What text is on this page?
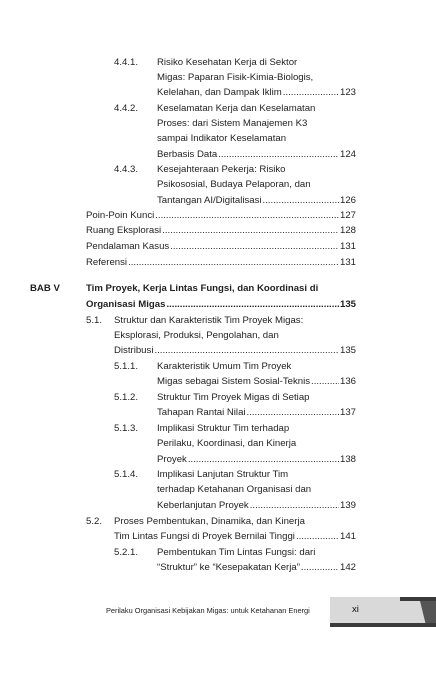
4.4.1. Risiko Kesehatan Kerja di Sektor
Migas: Paparan Fisik-Kimia-Biologis,
Kelelahan, dan Dampak Iklim .....	123
4.4.2. Keselamatan Kerja dan Keselamatan
Proses: dari Sistem Manajemen K3
sampai Indikator Keselamatan
Berbasis Data .....	124
4.4.3. Kesejahteraan Pekerja: Risiko
Psikososial, Budaya Pelaporan, dan
Tantangan AI/Digitalisasi .....	126
Poin-Poin Kunci .....	127
Ruang Eksplorasi .....	128
Pendalaman Kasus .....	131
Referensi .....	131
BAB V	Tim Proyek, Kerja Lintas Fungsi, dan Koordinasi di
Organisasi Migas .....	135
5.1. Struktur dan Karakteristik Tim Proyek Migas:
Eksplorasi, Produksi, Pengolahan, dan
Distribusi .....	135
5.1.1. Karakteristik Umum Tim Proyek
Migas sebagai Sistem Sosial-Teknis .....	136
5.1.2. Struktur Tim Proyek Migas di Setiap
Tahapan Rantai Nilai .....	137
5.1.3. Implikasi Struktur Tim terhadap
Perilaku, Koordinasi, dan Kinerja
Proyek .....	138
5.1.4. Implikasi Lanjutan Struktur Tim
terhadap Ketahanan Organisasi dan
Keberlanjutan Proyek .....	139
5.2. Proses Pembentukan, Dinamika, dan Kinerja
Tim Lintas Fungsi di Proyek Bernilai Tinggi .....	141
5.2.1. Pembentukan Tim Lintas Fungsi: dari
“Struktur” ke “Kesepakatan Kerja” .....	142
Perilaku Organisasi Kebijakan Migas: untuk Ketahanan Energi	xi
